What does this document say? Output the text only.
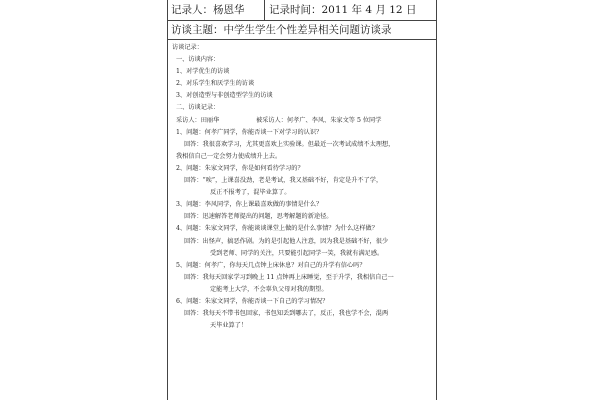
记录人：杨恩华	记录时间：2011 年 4 月 12 日
访谈主题：中学生学生个性差异相关问题访谈录
访谈记录：
一、访谈内容：
1、对学优生的访谈
2、对乐学生和厌学生的访谈
3、对创造型与非创造型学生的访谈
二、访谈记录：
采访人：田丽华	被采访人：何孝广、李风、朱家文等 5 位同学
1、问题：何孝广同学，你能否谈一下对学习的认识？
回答：我很喜欢学习，尤其更喜欢上实验课。但最近一次考试成绩不太理想，
我相信自己一定会努力使成绩升上去。
2、问题：朱家文同学，你是如何看待学习的？
回答：“唉”，上课喜没劲，老是考试，我又基础不好，肯定是升不了学，
反正不报考了，混毕业算了。
3、问题：李风同学，你上课最喜欢做的事情是什么？
回答：迅速解答老师提出的问题，思考解题的新途径。
4、问题：朱家文同学，你能谈谈课堂上做的是什么事情？为什么这样做？
回答：出怪声，搞恶作剧。为的是引起他人注意，因为我是基础不好，很少
受到老师、同学的关注，只要能引起同学一笑，我就有满足感。
5、问题：何孝广，你每天几点钟上床休息？对自己的升学有信心吗？
回答：我每天回家学习到晚上 11 点钟再上床睡觉，至于升学，我相信自己一
定能考上大学，不会辜负父母对我的期望。
6、问题：朱家文同学，你能否谈一下自己的学习情况？
回答：我每天不带书包回家，书包知丢到哪去了，反正，我也学不会，混两
天毕业算了！
